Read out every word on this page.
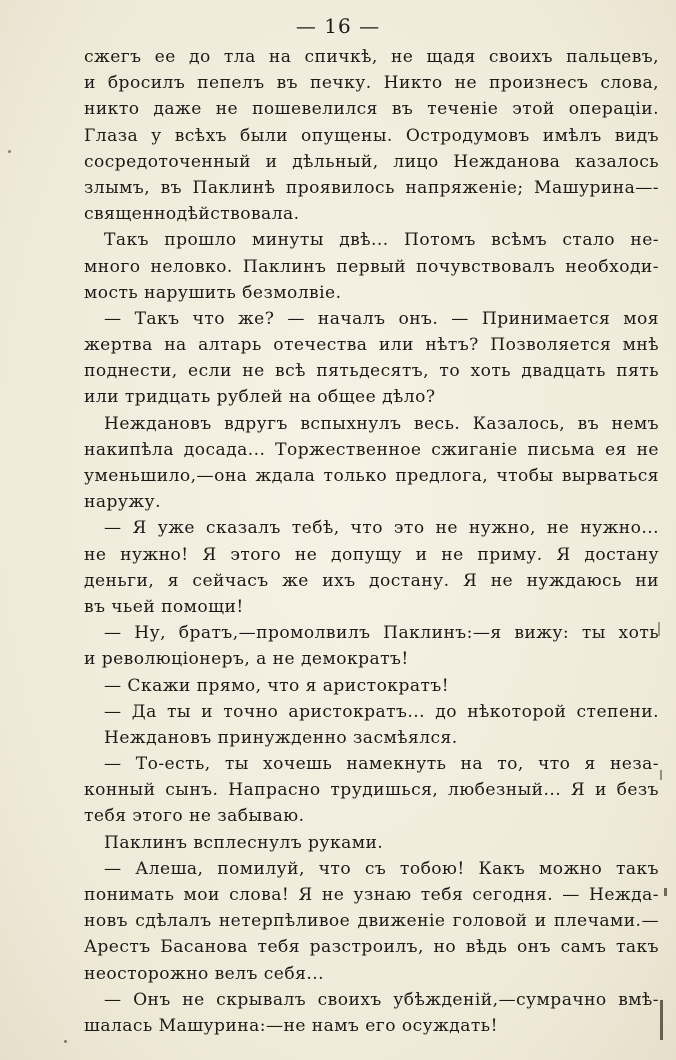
— 16 —
сжегъ ее до тла на спичкѣ, не щадя своихъ пальцевъ,
и бросилъ пепелъ въ печку. Никто не произнесъ слова,
никто даже не пошевелился въ теченіе этой операціи.
Глаза у всѣхъ были опущены. Остродумовъ имѣлъ видъ
сосредоточенный и дѣльный, лицо Нежданова казалось
злымъ, въ Паклинѣ проявилось напряженіе; Машурина—-
священнодѣйствовала.
Такъ прошло минуты двѣ... Потомъ всѣмъ стало не-
много неловко. Паклинъ первый почувствовалъ необходи-
мость нарушить безмолвіе.
— Такъ что же? — началъ онъ. — Принимается моя
жертва на алтарь отечества или нѣтъ? Позволяется мнѣ
поднести, если не всѣ пятьдесятъ, то хоть двадцать пять
или тридцать рублей на общее дѣло?
Неждановъ вдругъ вспыхнулъ весь. Казалось, въ немъ
накипѣла досада... Торжественное сжиганіе письма ея не
уменьшило,—она ждала только предлога, чтобы вырваться
наружу.
— Я уже сказалъ тебѣ, что это не нужно, не нужно...
не нужно! Я этого не допущу и не приму. Я достану
деньги, я сейчасъ же ихъ достану. Я не нуждаюсь ни
въ чьей помощи!
— Ну, братъ,—промолвилъ Паклинъ:—я вижу: ты хоть
и революціонеръ, а не демократъ!
— Скажи прямо, что я аристократъ!
— Да ты и точно аристократъ... до нѣкоторой степени.
Неждановъ принужденно засмѣялся.
— То-есть, ты хочешь намекнуть на то, что я неза-
конный сынъ. Напрасно трудишься, любезный... Я и безъ
тебя этого не забываю.
Паклинъ всплеснулъ руками.
— Алеша, помилуй, что съ тобою! Какъ можно такъ
понимать мои слова! Я не узнаю тебя сегодня. — Нежда-
новъ сдѣлалъ нетерпѣливое движеніе головой и плечами.—
Арестъ Басанова тебя разстроилъ, но вѣдь онъ самъ такъ
неосторожно велъ себя...
— Онъ не скрывалъ своихъ убѣжденій,—сумрачно вмѣ-
шалась Машурина:—не намъ его осуждать!
